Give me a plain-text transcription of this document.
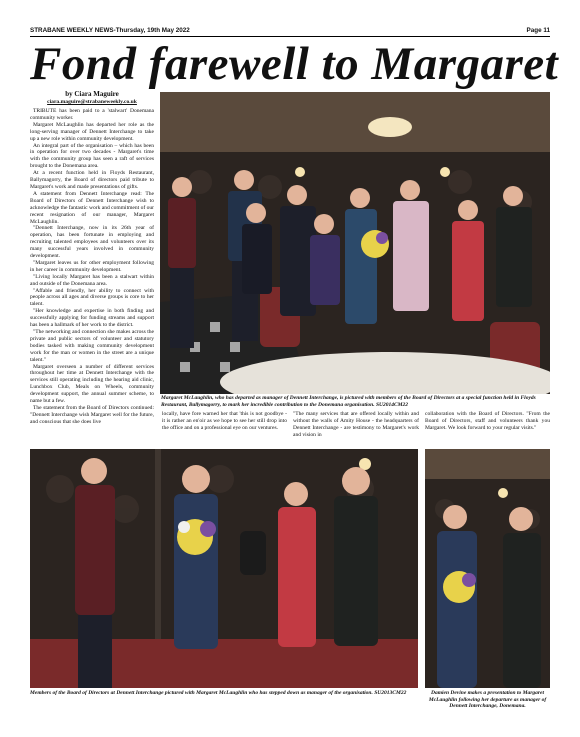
STRABANE WEEKLY NEWS-Thursday, 19th May 2022	Page 11
Fond farewell to Margaret
by Ciara Maguire
ciara.maguire@strabaneweekly.co.uk

TRIBUTE has been paid to a 'stalwart' Donemana community worker.

Margaret McLaughlin has departed her role as the long-serving manager of Dennett Interchange to take up a new role within community development.

An integral part of the organisation – which has been in operation for over two decades - Margaret's time with the community group has seen a raft of services brought to the Donemana area.

At a recent function held in Floyds Restaurant, Ballymagorry, the Board of directors paid tribute to Margaret's work and made presentations of gifts.

A statement from Dennett Interchange read: The Board of Directors of Dennett Interchange wish to acknowledge the fantastic work and commitment of our recent resignation of our manager, Margaret McLaughlin.

"Dennett Interchange, now in its 26th year of operation, has been fortunate in employing and recruiting talented employees and volunteers over its many successful years involved in community development.

"Margaret leaves us for other employment following in her career in community development.

"Living locally Margaret has been a stalwart within and outside of the Donemana area.

"Affable and friendly, her ability to connect with people across all ages and diverse groups is core to her talent.

"Her knowledge and expertise in both finding and successfully applying for funding streams and support has been a hallmark of her work to the district.

"The networking and connection she makes across the private and public sectors of volunteer and statutory bodies tasked with making community development work for the man or women in the street are a unique talent."

Margaret overseen a number of different services throughout her time at Dennett Interchange with the services still operating including the hearing aid clinic, Lunchbox Club, Meals on Wheels, community development support, the annual summer scheme, to name but a few.

The statement from the Board of Directors continued: "Dennett Interchange wish Margaret well for the future, and conscious that she does live

Margaret McLaughlin, who has departed as manager of Dennett Interchange, is pictured with members of the Board of Directors at a special function held in Floyds Restaurant, Ballymagorry, to mark her incredible contribution to the Donemana organisation. SU2014CM22
locally, have fore warned her that 'this is not goodbye - it is rather an en'oir as we hope to see her still drop into the office and on a professional eye on our ventures.
"The many services that are offered locally within and without the walls of Amity House - the headquarters of Dennett Interchange - are testimony to Margaret's work and vision in
collaboration with the Board of Directors. "From the Board of Directors, staff and volunteers thank you Margaret. We look forward to your regular visits."
Members of the Board of Directors at Dennett Interchange pictured with Margaret McLaughlin who has stepped down as manager of the organisation. SU2013CM22	Damien Devine makes a presentation to Margaret McLaughlin following her departure as manager of Dennett Interchange, Donemana.
